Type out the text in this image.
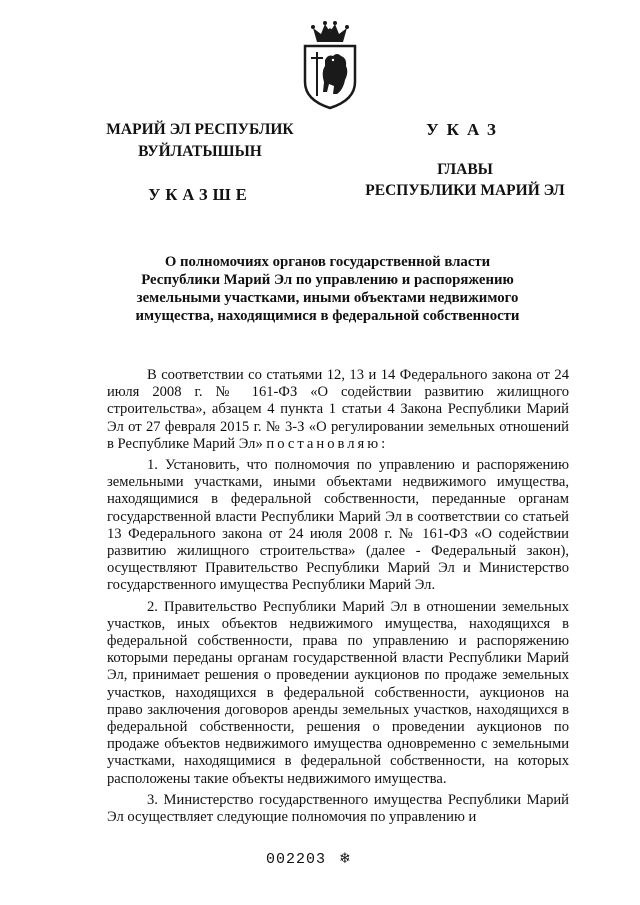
МАРИЙ ЭЛ РЕСПУБЛИК
ВУЙЛАТЫШЫН
УКАЗШЕ
УКАЗ
ГЛАВЫ
РЕСПУБЛИКИ МАРИЙ ЭЛ
О полномочиях органов государственной власти
Республики Марий Эл по управлению и распоряжению
земельными участками, иными объектами недвижимого
имущества, находящимися в федеральной собственности

В соответствии со статьями 12, 13 и 14 Федерального закона от 24 июля 2008 г. № 161-ФЗ «О содействии развитию жилищного строительства», абзацем 4 пункта 1 статьи 4 Закона Республики Марий Эл от 27 февраля 2015 г. № 3-З «О регулировании земельных отношений в Республике Марий Эл» постановляю:

1. Установить, что полномочия по управлению и распоряжению земельными участками, иными объектами недвижимого имущества, находящимися в федеральной собственности, переданные органам государственной власти Республики Марий Эл в соответствии со статьей 13 Федерального закона от 24 июля 2008 г. № 161-ФЗ «О содействии развитию жилищного строительства» (далее - Федеральный закон), осуществляют Правительство Республики Марий Эл и Министерство государственного имущества Республики Марий Эл.

2. Правительство Республики Марий Эл в отношении земельных участков, иных объектов недвижимого имущества, находящихся в федеральной собственности, права по управлению и распоряжению которыми переданы органам государственной власти Республики Марий Эл, принимает решения о проведении аукционов по продаже земельных участков, находящихся в федеральной собственности, аукционов на право заключения договоров аренды земельных участков, находящихся в федеральной собственности, решения о проведении аукционов по продаже объектов недвижимого имущества одновременно с земельными участками, находящимися в федеральной собственности, на которых расположены такие объекты недвижимого имущества.

3. Министерство государственного имущества Республики Марий Эл осуществляет следующие полномочия по управлению и

002203 ❄
